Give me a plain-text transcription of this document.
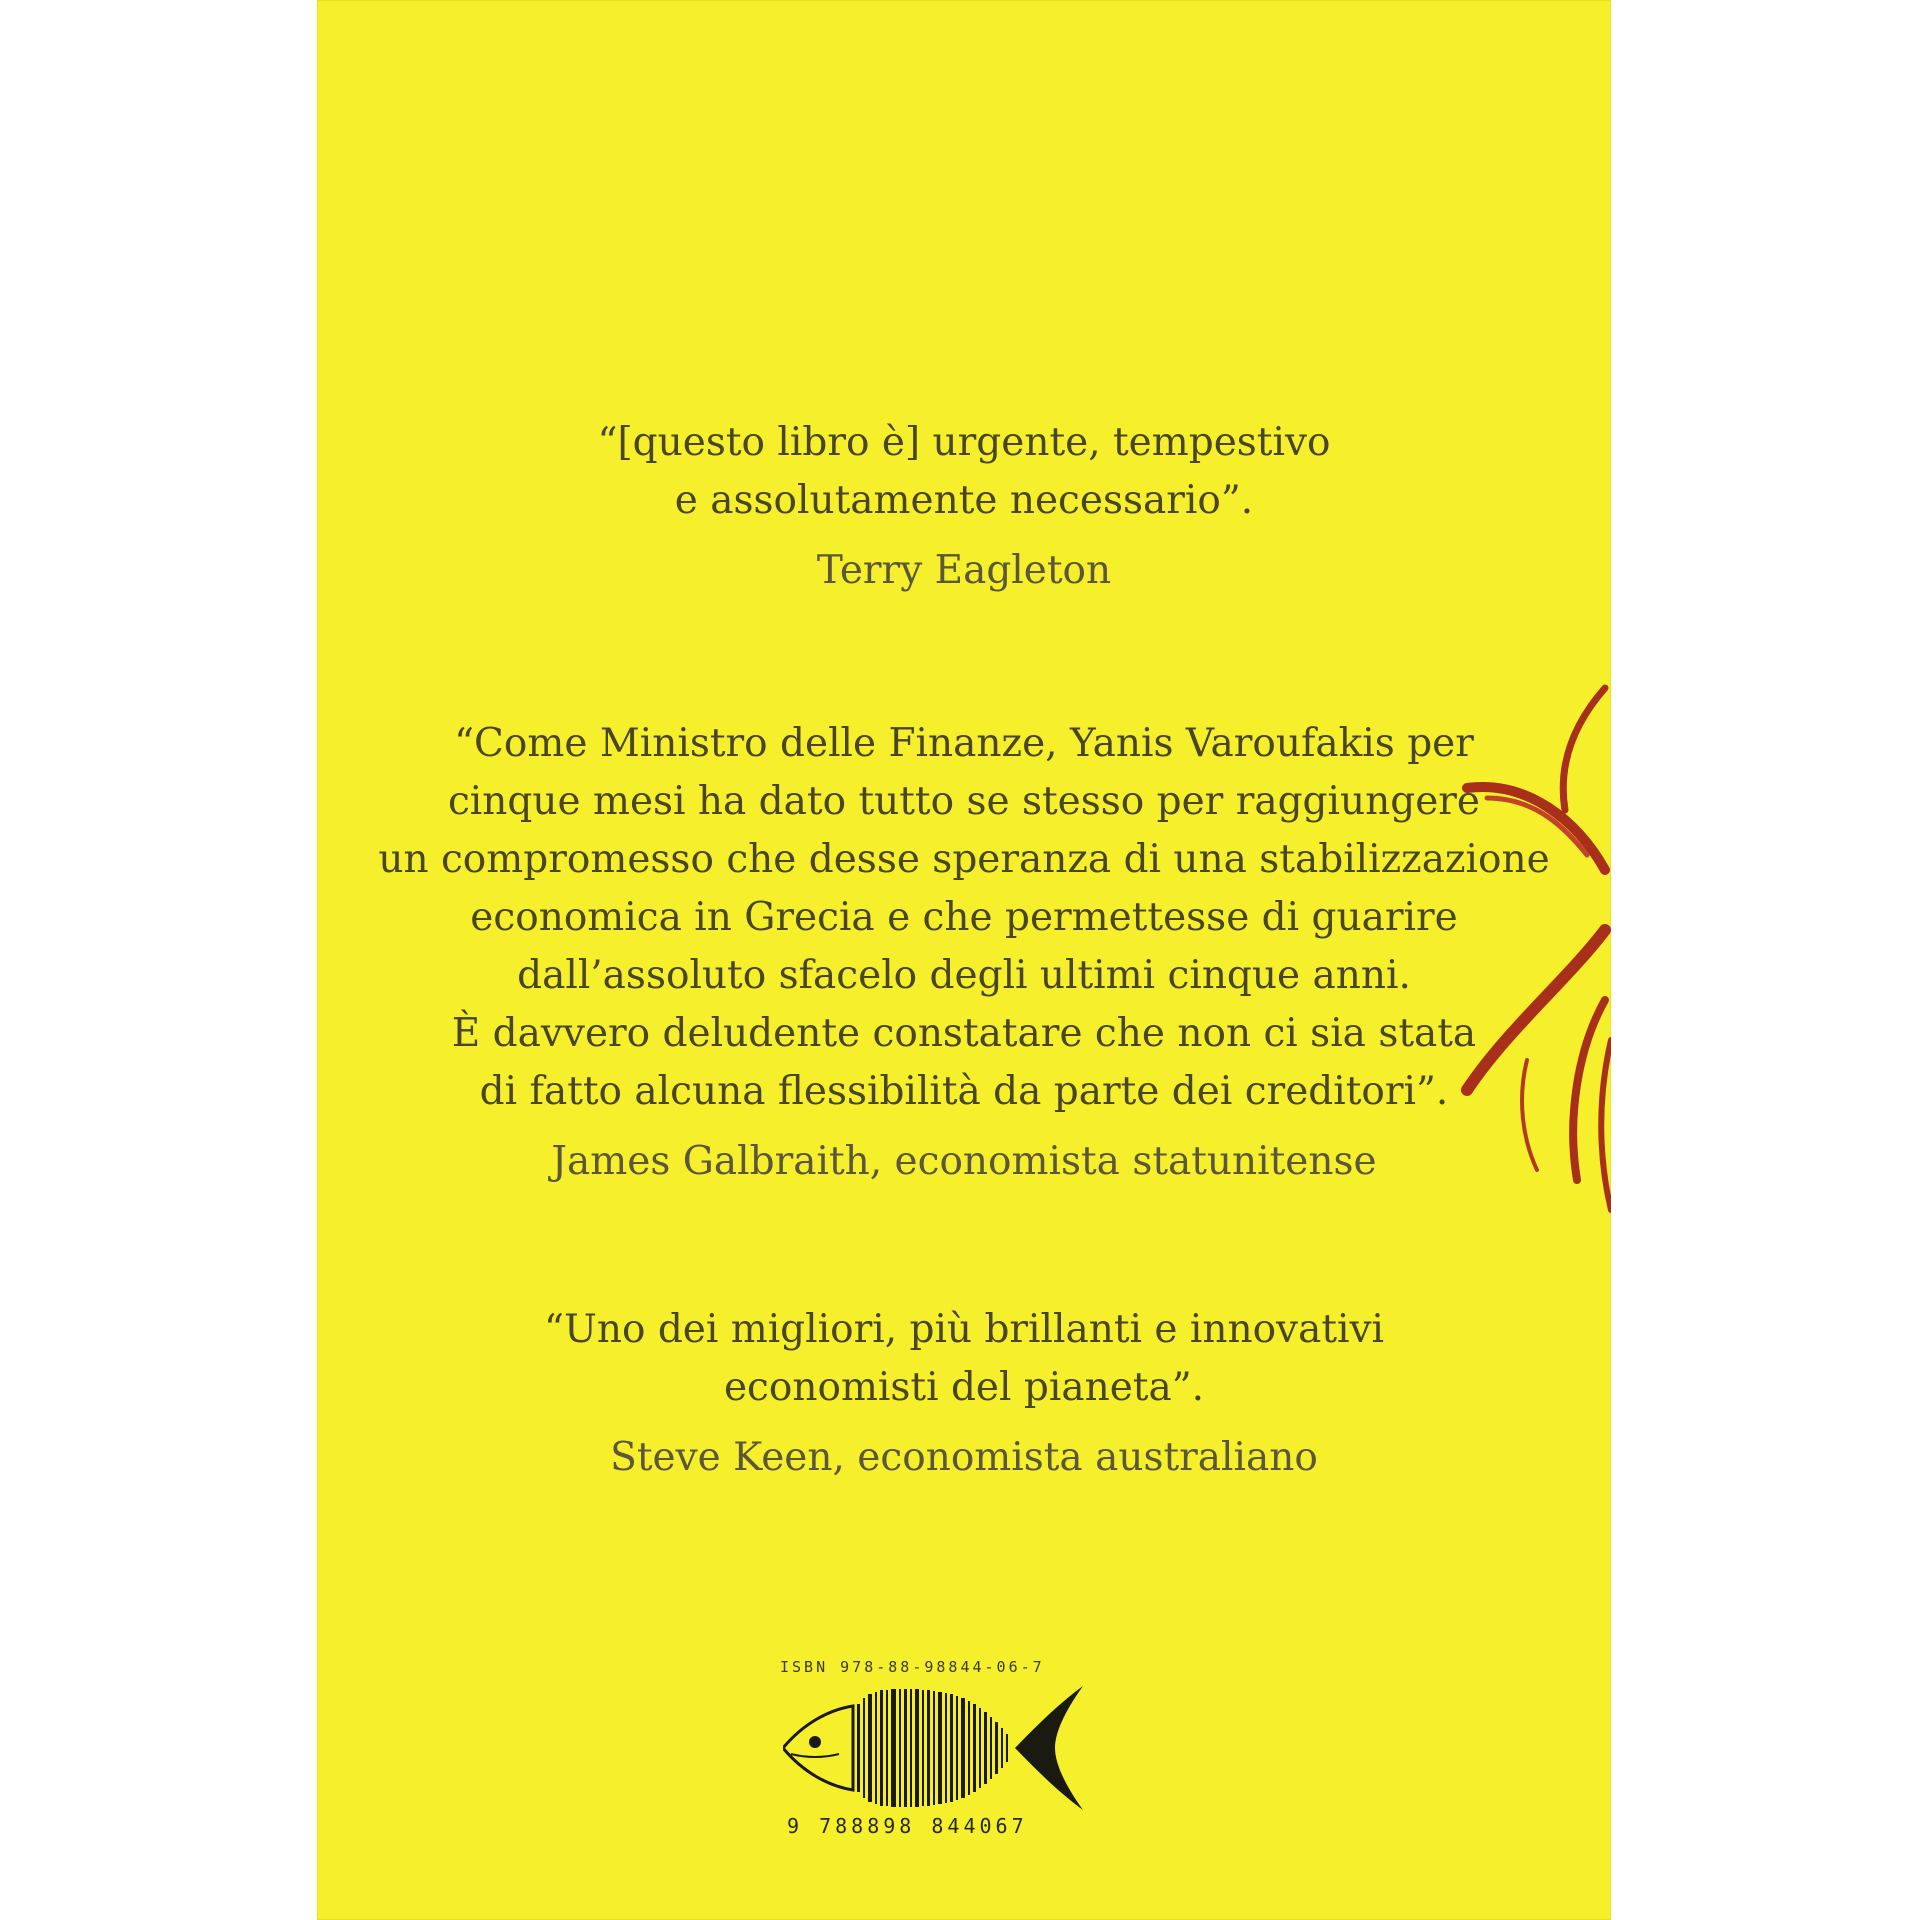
“[questo libro è] urgente, tempestivo
e assolutamente necessario”.
Terry Eagleton
“Come Ministro delle Finanze, Yanis Varoufakis per
cinque mesi ha dato tutto se stesso per raggiungere
un compromesso che desse speranza di una stabilizzazione
economica in Grecia e che permettesse di guarire
dall’assoluto sfacelo degli ultimi cinque anni.
È davvero deludente constatare che non ci sia stata
di fatto alcuna flessibilità da parte dei creditori”.
James Galbraith, economista statunitense
“Uno dei migliori, più brillanti e innovativi
economisti del pianeta”.
Steve Keen, economista australiano
ISBN 978-88-98844-06-7
9 788898 844067
